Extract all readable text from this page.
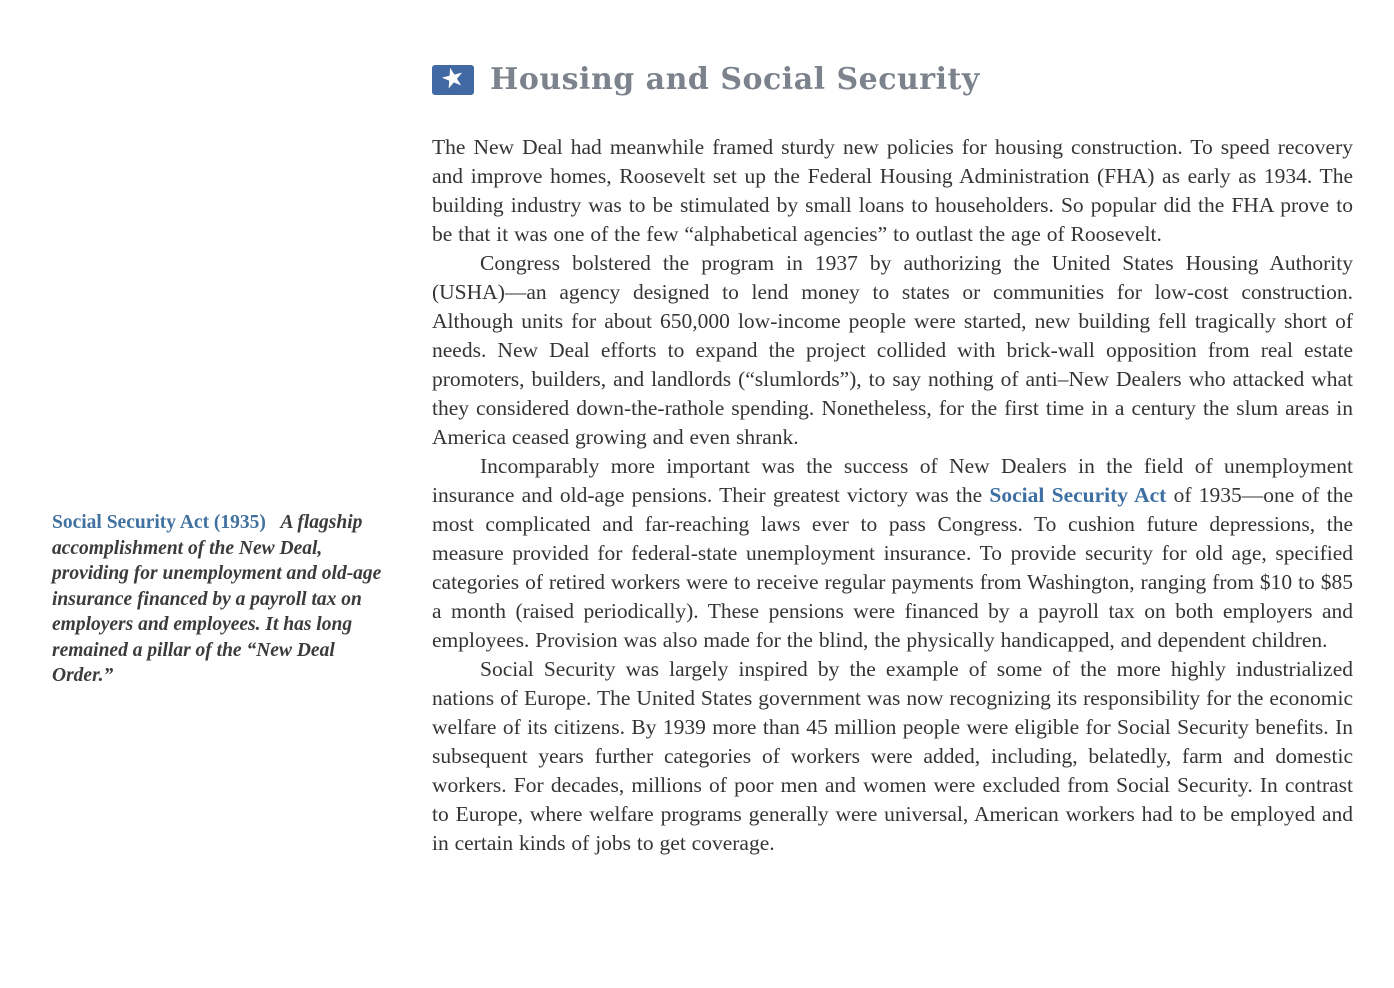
Social Security Act (1935) A flagship accomplishment of the New Deal, providing for unemployment and old-age insurance financed by a payroll tax on employers and employees. It has long remained a pillar of the “New Deal Order.”
★ Housing and Social Security

The New Deal had meanwhile framed sturdy new policies for housing construction. To speed recovery and improve homes, Roosevelt set up the Federal Housing Administration (FHA) as early as 1934. The building industry was to be stimulated by small loans to householders. So popular did the FHA prove to be that it was one of the few “alphabetical agencies” to outlast the age of Roosevelt.

Congress bolstered the program in 1937 by authorizing the United States Housing Authority (USHA)—an agency designed to lend money to states or communities for low-cost construction. Although units for about 650,000 low-income people were started, new building fell tragically short of needs. New Deal efforts to expand the project collided with brick-wall opposition from real estate promoters, builders, and landlords (“slumlords”), to say nothing of anti–New Dealers who attacked what they considered down-the-rathole spending. Nonetheless, for the first time in a century the slum areas in America ceased growing and even shrank.

Incomparably more important was the success of New Dealers in the field of unemployment insurance and old-age pensions. Their greatest victory was the Social Security Act of 1935—one of the most complicated and far-reaching laws ever to pass Congress. To cushion future depressions, the measure provided for federal-state unemployment insurance. To provide security for old age, specified categories of retired workers were to receive regular payments from Washington, ranging from $10 to $85 a month (raised periodically). These pensions were financed by a payroll tax on both employers and employees. Provision was also made for the blind, the physically handicapped, and dependent children.

Social Security was largely inspired by the example of some of the more highly industrialized nations of Europe. The United States government was now recognizing its responsibility for the economic welfare of its citizens. By 1939 more than 45 million people were eligible for Social Security benefits. In subsequent years further categories of workers were added, including, belatedly, farm and domestic workers. For decades, millions of poor men and women were excluded from Social Security. In contrast to Europe, where welfare programs generally were universal, American workers had to be employed and in certain kinds of jobs to get coverage.
